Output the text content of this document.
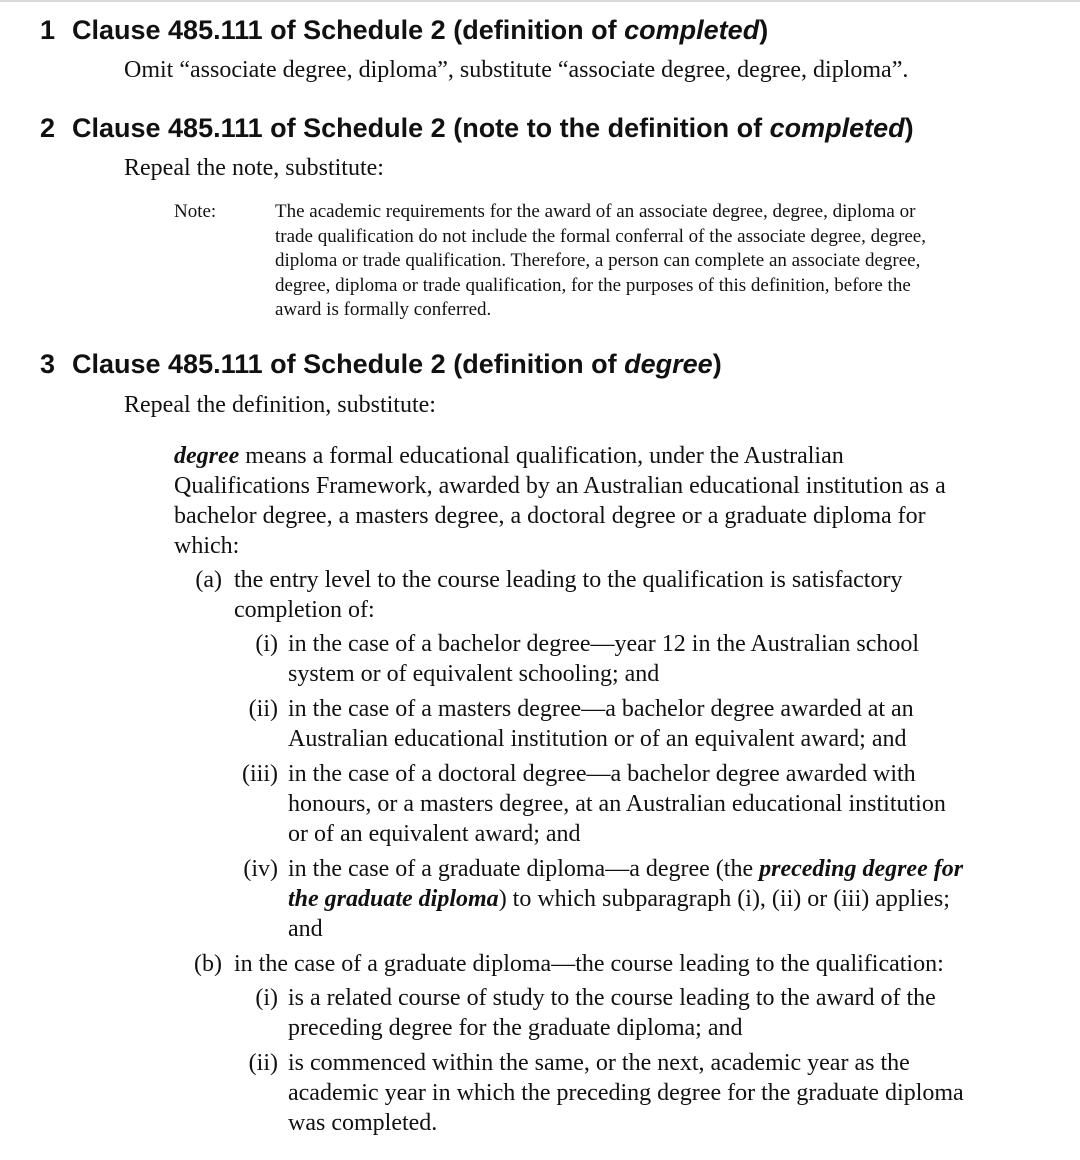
1 Clause 485.111 of Schedule 2 (definition of completed)
Omit “associate degree, diploma”, substitute “associate degree, degree, diploma”.
2 Clause 485.111 of Schedule 2 (note to the definition of completed)
Repeal the note, substitute:
Note:	The academic requirements for the award of an associate degree, degree, diploma or
trade qualification do not include the formal conferral of the associate degree, degree,
diploma or trade qualification. Therefore, a person can complete an associate degree,
degree, diploma or trade qualification, for the purposes of this definition, before the
award is formally conferred.
3 Clause 485.111 of Schedule 2 (definition of degree)
Repeal the definition, substitute:
degree means a formal educational qualification, under the Australian
Qualifications Framework, awarded by an Australian educational institution as a
bachelor degree, a masters degree, a doctoral degree or a graduate diploma for
which:
(a) the entry level to the course leading to the qualification is satisfactory
completion of:
(i) in the case of a bachelor degree—year 12 in the Australian school
system or of equivalent schooling; and
(ii) in the case of a masters degree—a bachelor degree awarded at an
Australian educational institution or of an equivalent award; and
(iii) in the case of a doctoral degree—a bachelor degree awarded with
honours, or a masters degree, at an Australian educational institution
or of an equivalent award; and
(iv) in the case of a graduate diploma—a degree (the preceding degree for
the graduate diploma) to which subparagraph (i), (ii) or (iii) applies;
and
(b) in the case of a graduate diploma—the course leading to the qualification:
(i) is a related course of study to the course leading to the award of the
preceding degree for the graduate diploma; and
(ii) is commenced within the same, or the next, academic year as the
academic year in which the preceding degree for the graduate diploma
was completed.
